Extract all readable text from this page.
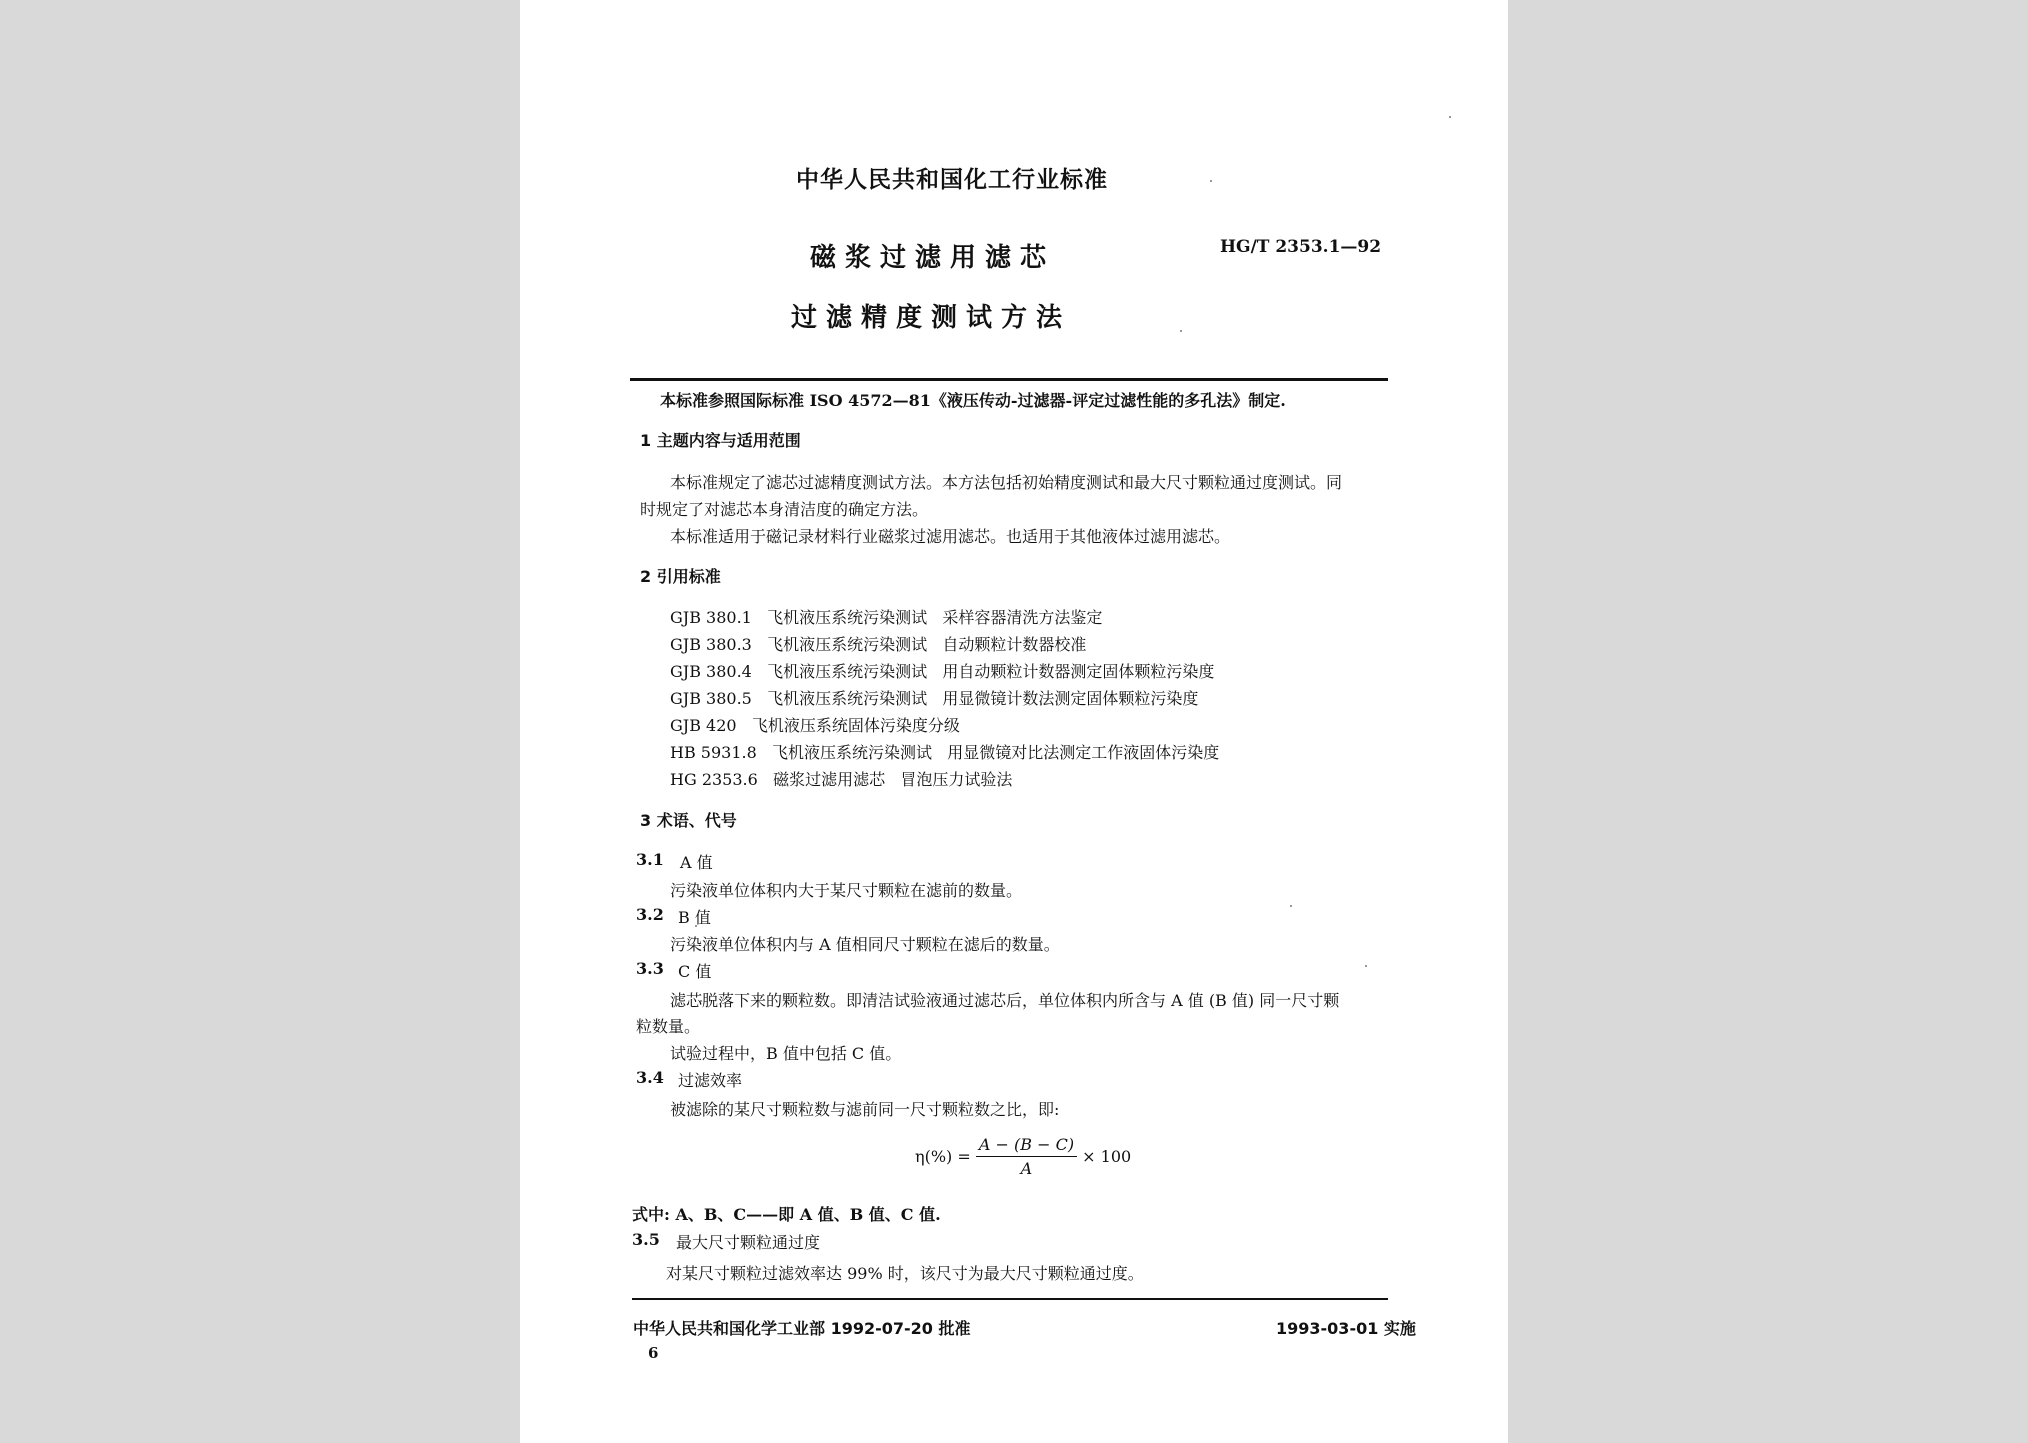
中华人民共和国化工行业标准
磁浆过滤用滤芯	HG/T 2353.1—92
过滤精度测试方法
本标准参照国际标准 ISO 4572—81《液压传动-过滤器-评定过滤性能的多孔法》制定.
1 主题内容与适用范围
本标准规定了滤芯过滤精度测试方法。本方法包括初始精度测试和最大尺寸颗粒通过度测试。同
时规定了对滤芯本身清洁度的确定方法。
本标准适用于磁记录材料行业磁浆过滤用滤芯。也适用于其他液体过滤用滤芯。
2 引用标准
GJB 380.1   飞机液压系统污染测试   采样容器清洗方法鉴定
GJB 380.3   飞机液压系统污染测试   自动颗粒计数器校准
GJB 380.4   飞机液压系统污染测试   用自动颗粒计数器测定固体颗粒污染度
GJB 380.5   飞机液压系统污染测试   用显微镜计数法测定固体颗粒污染度
GJB 420   飞机液压系统固体污染度分级
HB 5931.8   飞机液压系统污染测试   用显微镜对比法测定工作液固体污染度
HG 2353.6   磁浆过滤用滤芯   冒泡压力试验法
3 术语、代号
3.1 A 值
污染液单位体积内大于某尺寸颗粒在滤前的数量。
3.2 B 值
污染液单位体积内与 A 值相同尺寸颗粒在滤后的数量。
3.3 C 值
滤芯脱落下来的颗粒数。即清洁试验液通过滤芯后，单位体积内所含与 A 值 (B 值) 同一尺寸颗
粒数量。
试验过程中，B 值中包括 C 值。
3.4 过滤效率
被滤除的某尺寸颗粒数与滤前同一尺寸颗粒数之比，即:
$\eta(\%) = \frac{A - (B - C)}{A} \times 100$
式中: A、B、C——即 A 值、B 值、C 值.
3.5 最大尺寸颗粒通过度
对某尺寸颗粒过滤效率达 99% 时，该尺寸为最大尺寸颗粒通过度。
中华人民共和国化学工业部 1992-07-20 批准	1993-03-01 实施
6
